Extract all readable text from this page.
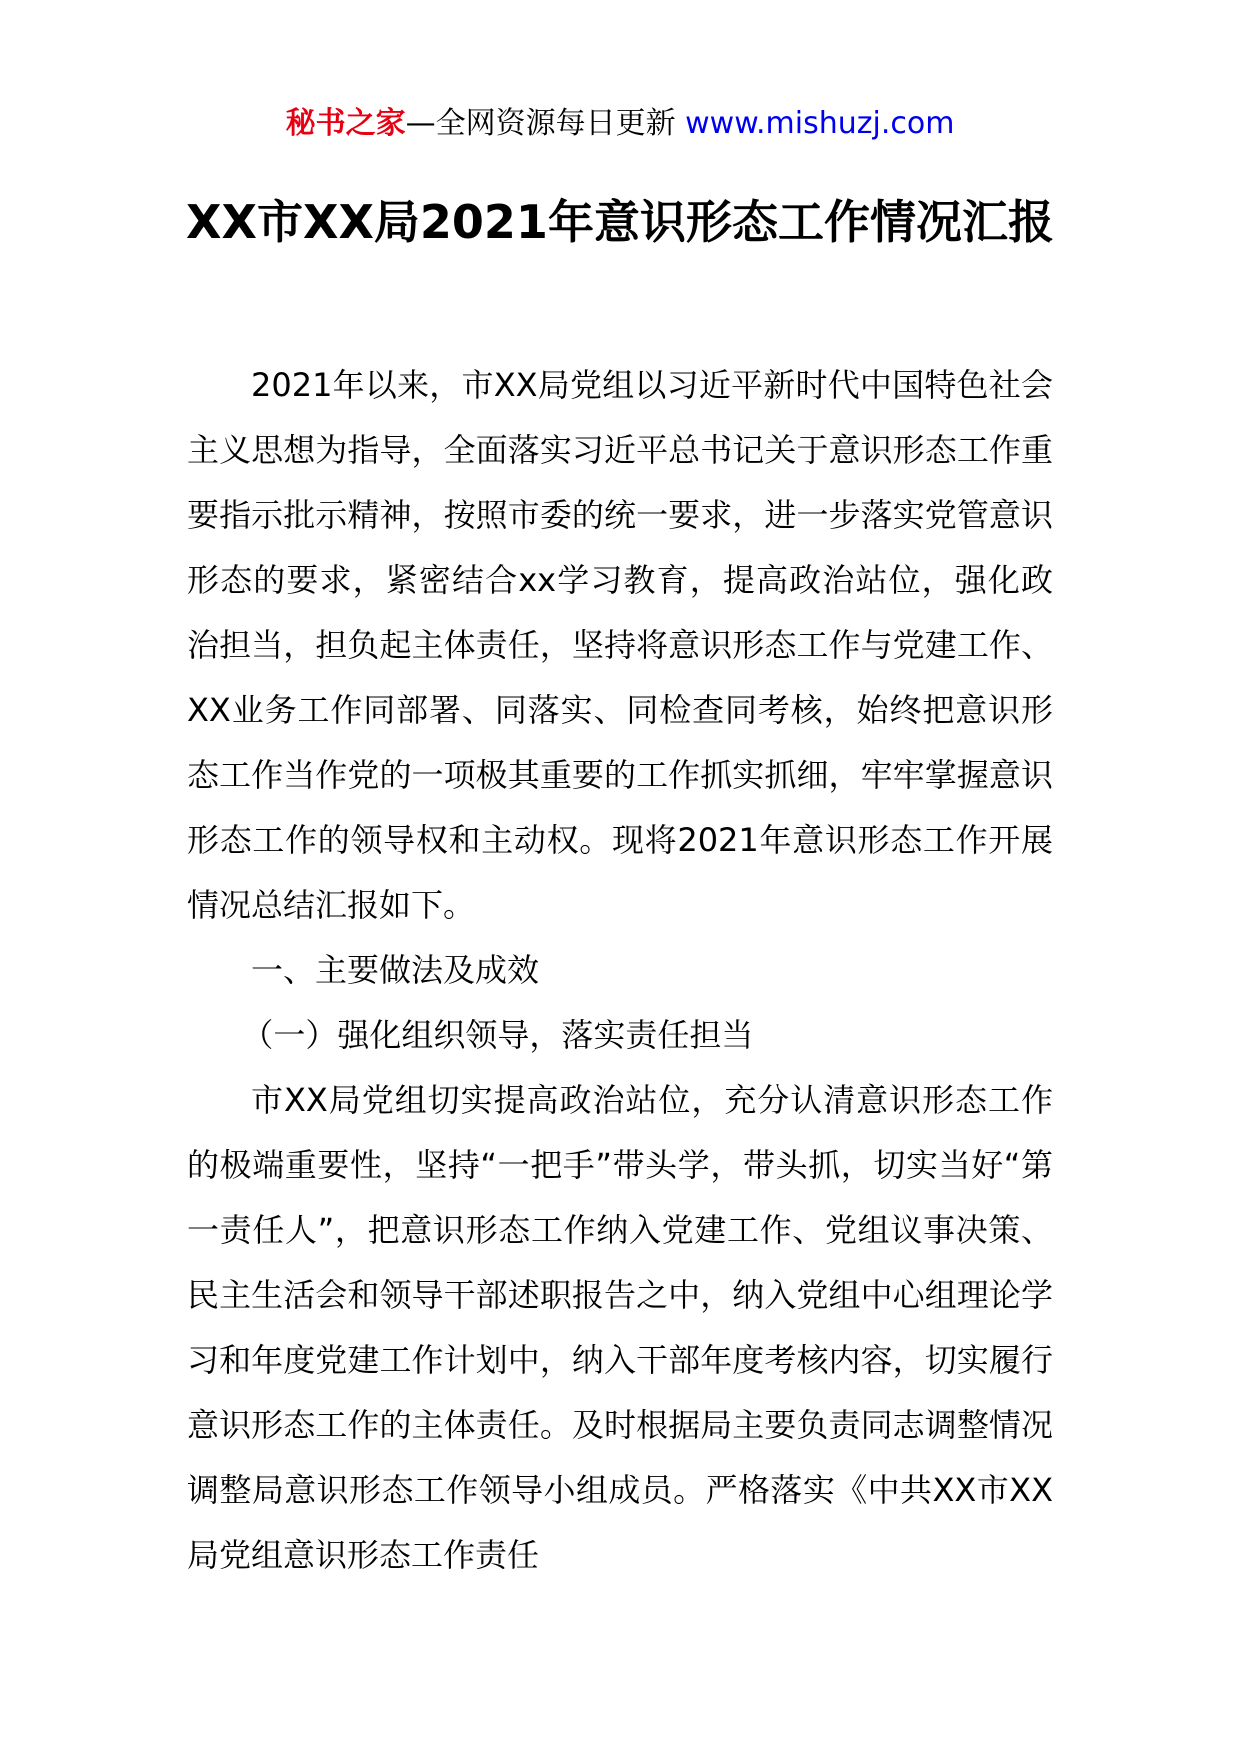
秘书之家—全网资源每日更新 www.mishuzj.com
XX市XX局2021年意识形态工作情况汇报

2021年以来，市XX局党组以习近平新时代中国特色社会主义思想为指导，全面落实习近平总书记关于意识形态工作重要指示批示精神，按照市委的统一要求，进一步落实党管意识形态的要求，紧密结合xx学习教育，提高政治站位，强化政治担当，担负起主体责任，坚持将意识形态工作与党建工作、XX业务工作同部署、同落实、同检查同考核，始终把意识形态工作当作党的一项极其重要的工作抓实抓细，牢牢掌握意识形态工作的领导权和主动权。现将2021年意识形态工作开展情况总结汇报如下。

一、主要做法及成效

（一）强化组织领导，落实责任担当

市XX局党组切实提高政治站位，充分认清意识形态工作的极端重要性，坚持“一把手”带头学，带头抓，切实当好“第一责任人”，把意识形态工作纳入党建工作、党组议事决策、民主生活会和领导干部述职报告之中，纳入党组中心组理论学习和年度党建工作计划中，纳入干部年度考核内容，切实履行意识形态工作的主体责任。及时根据局主要负责同志调整情况调整局意识形态工作领导小组成员。严格落实《中共XX市XX局党组意识形态工作责任
